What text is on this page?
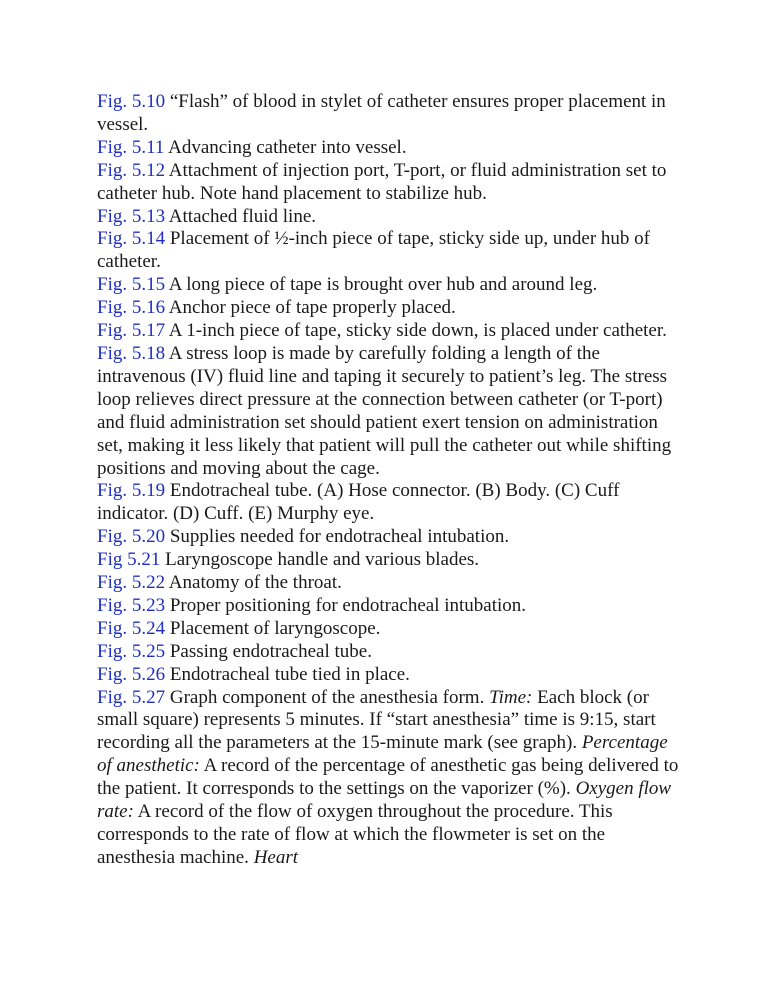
Fig. 5.10 “Flash” of blood in stylet of catheter ensures proper placement in vessel.

Fig. 5.11 Advancing catheter into vessel.

Fig. 5.12 Attachment of injection port, T-port, or fluid administration set to catheter hub. Note hand placement to stabilize hub.

Fig. 5.13 Attached fluid line.

Fig. 5.14 Placement of ½-inch piece of tape, sticky side up, under hub of catheter.

Fig. 5.15 A long piece of tape is brought over hub and around leg.

Fig. 5.16 Anchor piece of tape properly placed.

Fig. 5.17 A 1-inch piece of tape, sticky side down, is placed under catheter.

Fig. 5.18 A stress loop is made by carefully folding a length of the intravenous (IV) fluid line and taping it securely to patient’s leg. The stress loop relieves direct pressure at the connection between catheter (or T-port) and fluid administration set should patient exert tension on administration set, making it less likely that patient will pull the catheter out while shifting positions and moving about the cage.

Fig. 5.19 Endotracheal tube. (A) Hose connector. (B) Body. (C) Cuff indicator. (D) Cuff. (E) Murphy eye.

Fig. 5.20 Supplies needed for endotracheal intubation.

Fig 5.21 Laryngoscope handle and various blades.

Fig. 5.22 Anatomy of the throat.

Fig. 5.23 Proper positioning for endotracheal intubation.

Fig. 5.24 Placement of laryngoscope.

Fig. 5.25 Passing endotracheal tube.

Fig. 5.26 Endotracheal tube tied in place.

Fig. 5.27 Graph component of the anesthesia form. Time: Each block (or small square) represents 5 minutes. If “start anesthesia” time is 9:15, start recording all the parameters at the 15-minute mark (see graph). Percentage of anesthetic: A record of the percentage of anesthetic gas being delivered to the patient. It corresponds to the settings on the vaporizer (%). Oxygen flow rate: A record of the flow of oxygen throughout the procedure. This corresponds to the rate of flow at which the flowmeter is set on the anesthesia machine. Heart
